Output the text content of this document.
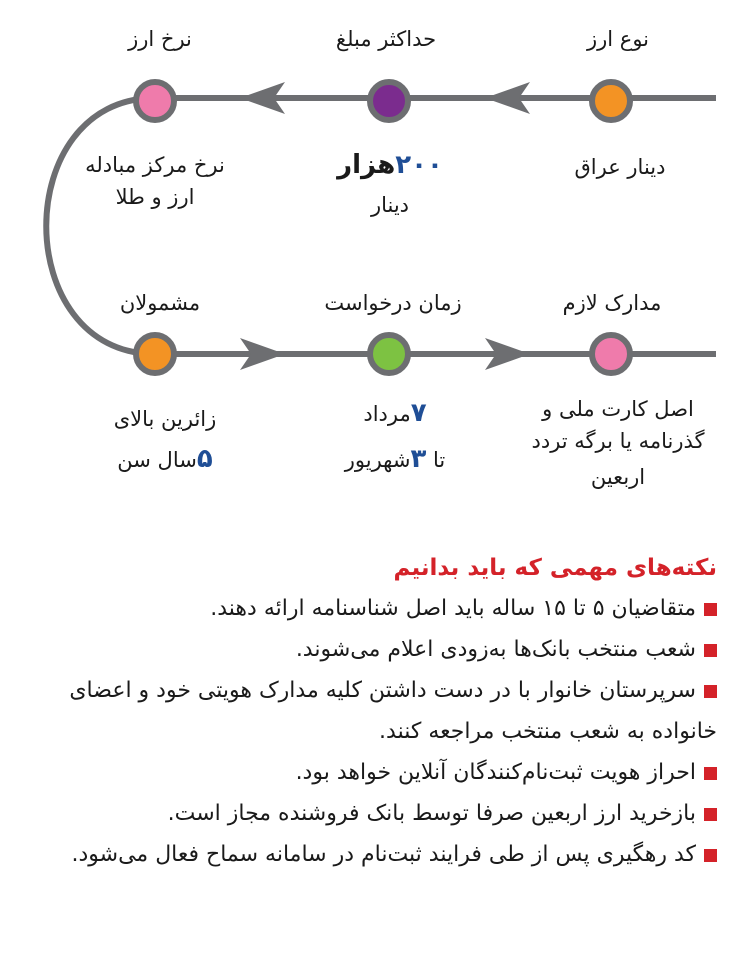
نوع ارز
حداکثر مبلغ
نرخ ارز
دینار عراق
۲۰۰هزار
دینار
نرخ مرکز مبادله
ارز و طلا
مدارک لازم
زمان درخواست
مشمولان
اصل کارت ملی و
گذرنامه یا برگه تردد
اربعین
۷مرداد
تا ۳شهریور
زائرین بالای
۵سال سن
نکته‌های مهمی که باید بدانیم
متقاضیان ۵ تا ۱۵ ساله باید اصل شناسنامه ارائه دهند.
شعب منتخب بانک‌ها به‌زودی اعلام می‌شوند.
سرپرستان خانوار با در دست داشتن کلیه مدارک هویتی خود و اعضای خانواده به شعب منتخب مراجعه کنند.
احراز هویت ثبت‌نام‌کنندگان آنلاین خواهد بود.
بازخرید ارز اربعین صرفا توسط بانک فروشنده مجاز است.
کد رهگیری پس از طی فرایند ثبت‌نام در سامانه سماح فعال می‌شود.
